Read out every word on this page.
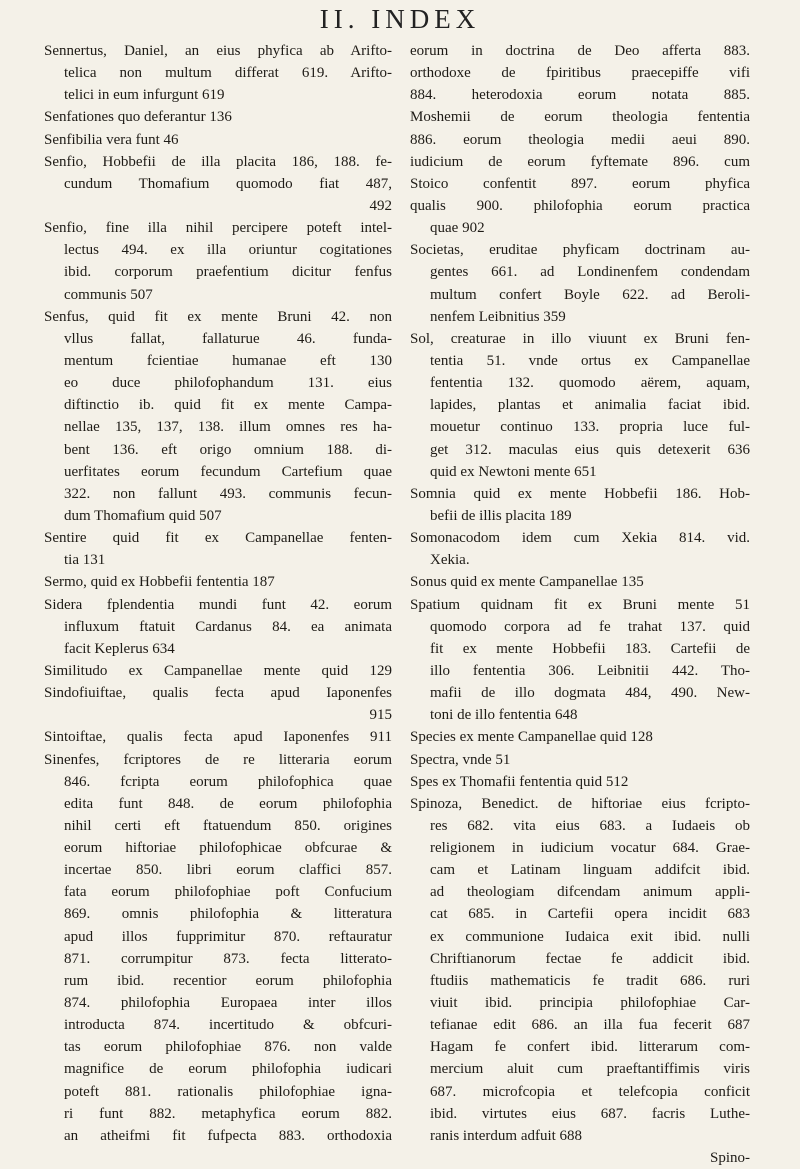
II. INDEX
Sennertus, Daniel, an eius phyfica ab Arifto-
telica non multum differat 619. Arifto-
telici in eum infurgunt 619
Senfationes quo deferantur 136
Senfibilia vera funt 46
Senfio, Hobbefii de illa placita 186, 188. fe-
cundum Thomafium quomodo fiat 487,
492
Senfio, fine illa nihil percipere poteft intel-
lectus 494. ex illa oriuntur cogitationes
ibid. corporum praefentium dicitur fenfus
communis 507
Senfus, quid fit ex mente Bruni 42. non
vllus fallat, fallaturue 46. funda-
mentum fcientiae humanae eft 130
eo duce philofophandum 131. eius
diftinctio ib. quid fit ex mente Campa-
nellae 135, 137, 138. illum omnes res ha-
bent 136. eft origo omnium 188. di-
uerfitates eorum fecundum Cartefium quae
322. non fallunt 493. communis fecun-
dum Thomafium quid 507
Sentire quid fit ex Campanellae fenten-
tia 131
Sermo, quid ex Hobbefii fententia 187
Sidera fplendentia mundi funt 42. eorum
influxum ftatuit Cardanus 84. ea animata
facit Keplerus 634
Similitudo ex Campanellae mente quid 129
Sindofiuiftae, qualis fecta apud Iaponenfes
915
Sintoiftae, qualis fecta apud Iaponenfes 911
Sinenfes, fcriptores de re litteraria eorum
846. fcripta eorum philofophica quae
edita funt 848. de eorum philofophia
nihil certi eft ftatuendum 850. origines
eorum hiftoriae philofophicae obfcurae &
incertae 850. libri eorum claffici 857.
fata eorum philofophiae poft Confucium
869. omnis philofophia & litteratura
apud illos fupprimitur 870. reftauratur
871. corrumpitur 873. fecta litterato-
rum ibid. recentior eorum philofophia
874. philofophia Europaea inter illos
introducta 874. incertitudo & obfcuri-
tas eorum philofophiae 876. non valde
magnifice de eorum philofophia iudicari
poteft 881. rationalis philofophiae igna-
ri funt 882. metaphyfica eorum 882.
an atheifmi fit fufpecta 883. orthodoxia
eorum in doctrina de Deo afferta 883.
orthodoxe de fpiritibus praecepiffe vifi
884. heterodoxia eorum notata 885.
Moshemii de eorum theologia fententia
886. eorum theologia medii aeui 890.
iudicium de eorum fyftemate 896. cum
Stoico confentit 897. eorum phyfica
qualis 900. philofophia eorum practica
quae 902
Societas, eruditae phyficam doctrinam au-
gentes 661. ad Londinenfem condendam
multum confert Boyle 622. ad Beroli-
nenfem Leibnitius 359
Sol, creaturae in illo viuunt ex Bruni fen-
tentia 51. vnde ortus ex Campanellae
fententia 132. quomodo aërem, aquam,
lapides, plantas et animalia faciat ibid.
mouetur continuo 133. propria luce ful-
get 312. maculas eius quis detexerit 636
quid ex Newtoni mente 651
Somnia quid ex mente Hobbefii 186. Hob-
befii de illis placita 189
Somonacodom idem cum Xekia 814. vid.
Xekia.
Sonus quid ex mente Campanellae 135
Spatium quidnam fit ex Bruni mente 51
quomodo corpora ad fe trahat 137. quid
fit ex mente Hobbefii 183. Cartefii de
illo fententia 306. Leibnitii 442. Tho-
mafii de illo dogmata 484, 490. New-
toni de illo fententia 648
Species ex mente Campanellae quid 128
Spectra, vnde 51
Spes ex Thomafii fententia quid 512
Spinoza, Benedict. de hiftoriae eius fcripto-
res 682. vita eius 683. a Iudaeis ob
religionem in iudicium vocatur 684. Grae-
cam et Latinam linguam addifcit ibid.
ad theologiam difcendam animum appli-
cat 685. in Cartefii opera incidit 683
ex communione Iudaica exit ibid. nulli
Chriftianorum fectae fe addicit ibid.
ftudiis mathematicis fe tradit 686. ruri
viuit ibid. principia philofophiae Car-
tefianae edit 686. an illa fua fecerit 687
Hagam fe confert ibid. litterarum com-
mercium aluit cum praeftantiffimis viris
687. microfcopia et telefcopia conficit
ibid. virtutes eius 687. facris Luthe-
ranis interdum adfuit 688
Spino-
